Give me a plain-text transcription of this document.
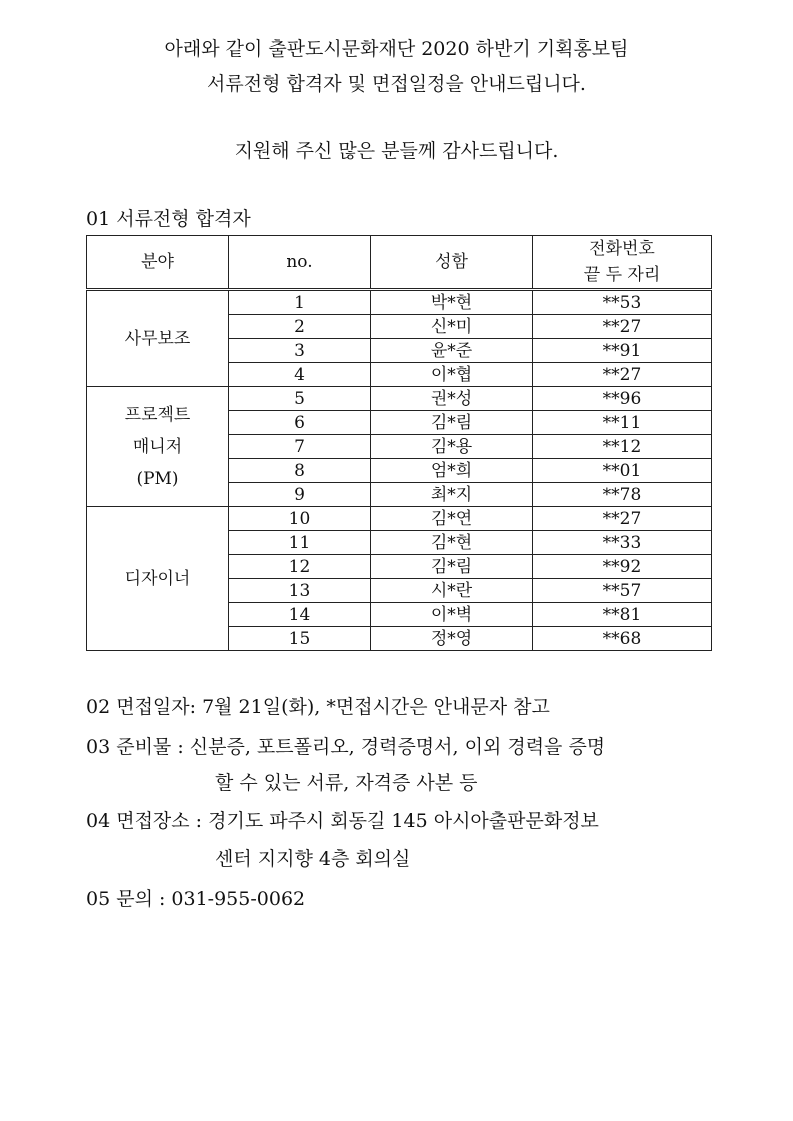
아래와 같이 출판도시문화재단 2020 하반기 기획홍보팀
서류전형 합격자 및 면접일정을 안내드립니다.
지원해 주신 많은 분들께 감사드립니다.
01 서류전형 합격자
분야	no.	성함	전화번호
끝 두 자리

사무보조	1	박*현	**53
	2	신*미	**27
	3	윤*준	**91
	4	이*협	**27

프로젝트
매니저
(PM)	5	권*성	**96
	6	김*림	**11
	7	김*용	**12
	8	엄*희	**01
	9	최*지	**78

디자이너	10	김*연	**27
	11	김*현	**33
	12	김*림	**92
	13	시*란	**57
	14	이*벽	**81
	15	정*영	**68
02 면접일자: 7월 21일(화), *면접시간은 안내문자 참고
03 준비물 : 신분증, 포트폴리오, 경력증명서, 이외 경력을 증명
할 수 있는 서류, 자격증 사본 등
04 면접장소 : 경기도 파주시 회동길 145 아시아출판문화정보
센터 지지향 4층 회의실
05 문의 : 031-955-0062
